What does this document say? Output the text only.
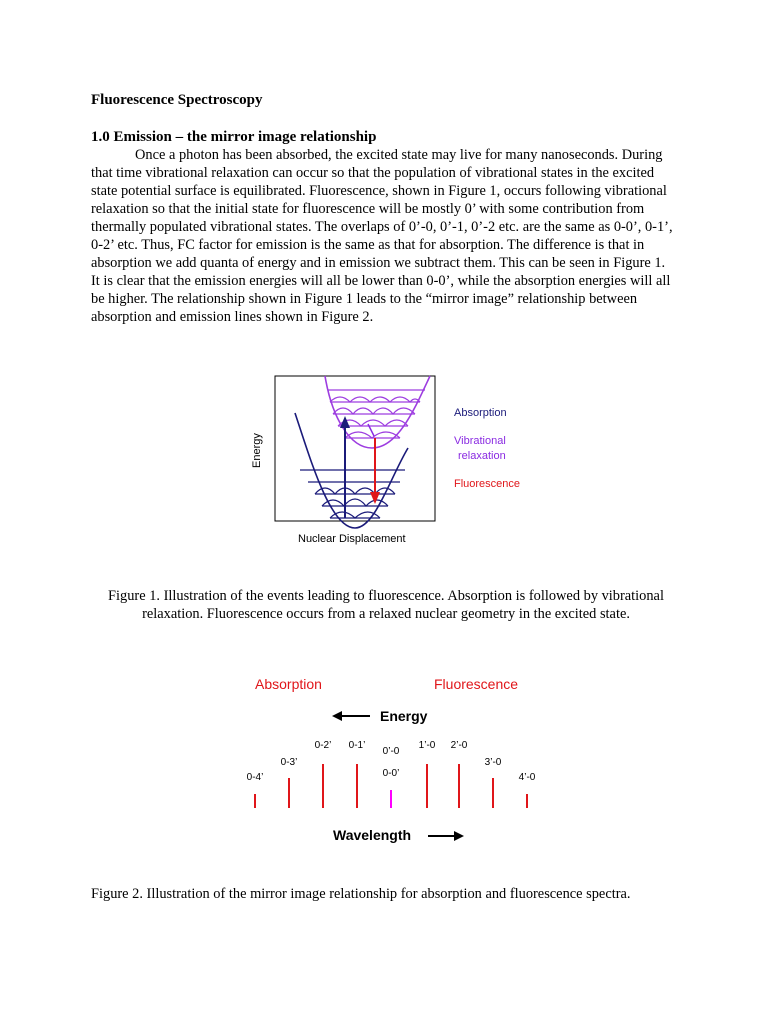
Fluorescence Spectroscopy
1.0 Emission – the mirror image relationship

Once a photon has been absorbed, the excited state may live for many nanoseconds. During that time vibrational relaxation can occur so that the population of vibrational states in the excited state potential surface is equilibrated. Fluorescence, shown in Figure 1, occurs following vibrational relaxation so that the initial state for fluorescence will be mostly 0’ with some contribution from thermally populated vibrational states. The overlaps of 0’-0, 0’-1, 0’-2 etc. are the same as 0-0’, 0-1’, 0-2’ etc. Thus, FC factor for emission is the same as that for absorption. The difference is that in absorption we add quanta of energy and in emission we subtract them. This can be seen in Figure 1. It is clear that the emission energies will all be lower than 0-0’, while the absorption energies will all be higher. The relationship shown in Figure 1 leads to the “mirror image” relationship between absorption and emission lines shown in Figure 2.

Energy
Nuclear Displacement
Absorption
Vibrational
relaxation
Fluorescence

Figure 1. Illustration of the events leading to fluorescence. Absorption is followed by vibrational relaxation. Fluorescence occurs from a relaxed nuclear geometry in the excited state.

Absorption	Fluorescence
Energy
0-4’
0-3’
0-2’ 0-1’
0’-0
0-0’
1’-0 2’-0
3’-0
4’-0
Wavelength

Figure 2. Illustration of the mirror image relationship for absorption and fluorescence spectra.
